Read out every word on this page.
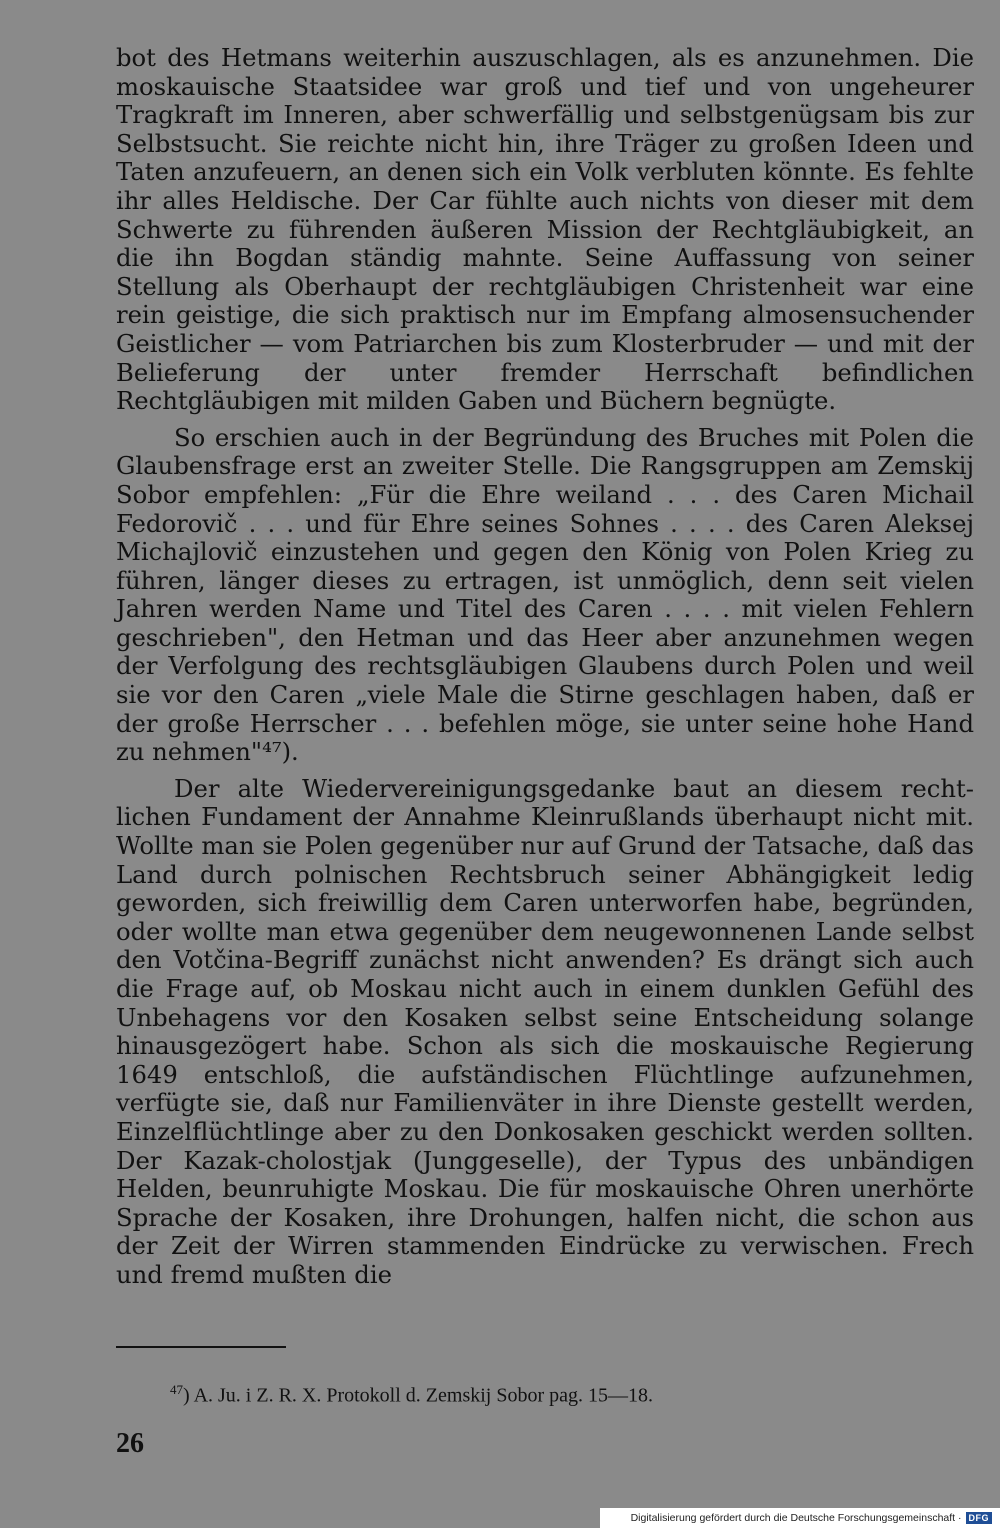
bot des Hetmans weiterhin auszuschlagen, als es anzunehmen. Die moskauische Staatsidee war groß und tief und von ungeheurer Tragkraft im Inneren, aber schwerfällig und selbstgenügsam bis zur Selbstsucht. Sie reichte nicht hin, ihre Träger zu großen Ideen und Taten anzufeuern, an denen sich ein Volk verbluten könnte. Es fehlte ihr alles Heldische. Der Car fühlte auch nichts von dieser mit dem Schwerte zu führenden äußeren Mission der Rechtgläubigkeit, an die ihn Bogdan ständig mahnte. Seine Auffassung von seiner Stellung als Oberhaupt der rechtgläubigen Christenheit war eine rein geistige, die sich praktisch nur im Empfang almosensuchender Geistlicher — vom Patriarchen bis zum Klosterbruder — und mit der Belieferung der unter fremder Herrschaft befindlichen Rechtgläubigen mit milden Gaben und Büchern begnügte.

So erschien auch in der Begründung des Bruches mit Polen die Glaubensfrage erst an zweiter Stelle. Die Rangsgruppen am Zemskij Sobor empfehlen: „Für die Ehre weiland . . . des Caren Michail Fedorovič . . . und für Ehre seines Sohnes . . . . des Caren Aleksej Michajlovič einzustehen und gegen den König von Polen Krieg zu führen, länger dieses zu ertragen, ist unmöglich, denn seit vielen Jahren werden Name und Titel des Caren . . . . mit vielen Fehlern geschrieben", den Hetman und das Heer aber anzunehmen wegen der Verfolgung des rechtsgläubigen Glaubens durch Polen und weil sie vor den Caren „viele Male die Stirne geschlagen haben, daß er der große Herrscher . . . befehlen möge, sie unter seine hohe Hand zu nehmen"⁴⁷).

Der alte Wiedervereinigungsgedanke baut an diesem rechtlichen Fundament der Annahme Kleinrußlands überhaupt nicht mit. Wollte man sie Polen gegenüber nur auf Grund der Tatsache, daß das Land durch polnischen Rechtsbruch seiner Abhängigkeit ledig geworden, sich freiwillig dem Caren unterworfen habe, begründen, oder wollte man etwa gegenüber dem neugewonnenen Lande selbst den Votčina-Begriff zunächst nicht anwenden? Es drängt sich auch die Frage auf, ob Moskau nicht auch in einem dunklen Gefühl des Unbehagens vor den Kosaken selbst seine Entscheidung solange hinausgezögert habe. Schon als sich die moskauische Regierung 1649 entschloß, die aufständischen Flüchtlinge aufzunehmen, verfügte sie, daß nur Familienväter in ihre Dienste gestellt werden, Einzelflüchtlinge aber zu den Donkosaken geschickt werden sollten. Der Kazak-cholostjak (Junggeselle), der Typus des unbändigen Helden, beunruhigte Moskau. Die für moskauische Ohren unerhörte Sprache der Kosaken, ihre Drohungen, halfen nicht, die schon aus der Zeit der Wirren stammenden Eindrücke zu verwischen. Frech und fremd mußten die

$^{47}$) A. Ju. i Z. R. X. Protokoll d. Zemskij Sobor pag. 15—18.
26
Digitalisierung gefördert durch die Deutsche Forschungsgemeinschaft · DFG
